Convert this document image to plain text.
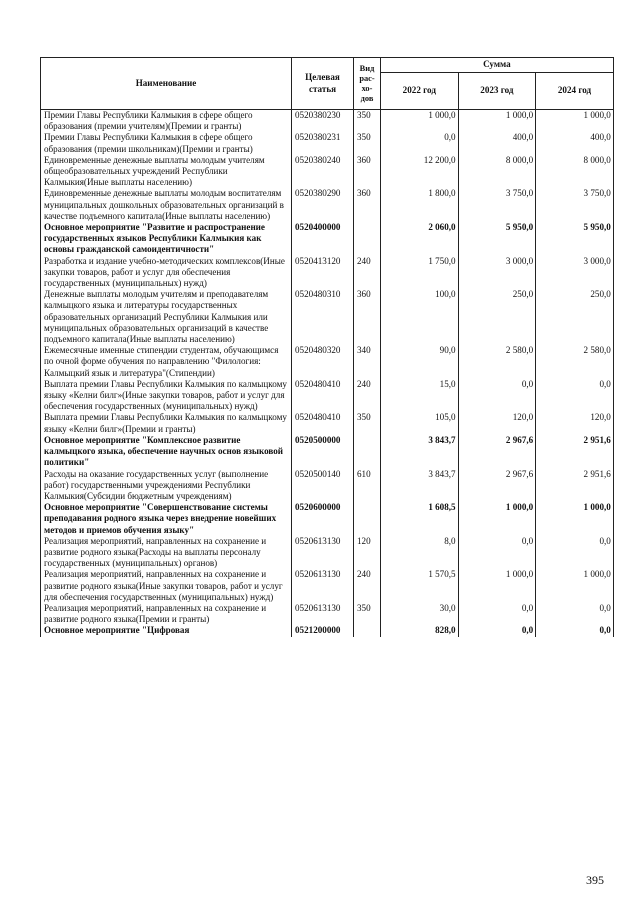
Наименование	Целевая статья	Вид рас-хо-дов	Сумма		
			2022 год	2023 год	2024 год
Премии Главы Республики Калмыкия в сфере общего образования (премии учителям)(Премии и гранты)	0520380230	350	1 000,0	1 000,0	1 000,0
Премии Главы Республики Калмыкия в сфере общего образования (премии школьникам)(Премии и гранты)	0520380231	350	0,0	400,0	400,0
Единовременные денежные выплаты молодым учителям общеобразовательных учреждений Республики Калмыкия(Иные выплаты населению)	0520380240	360	12 200,0	8 000,0	8 000,0
Единовременные денежные выплаты молодым воспитателям муниципальных дошкольных образовательных организаций в качестве подъемного капитала(Иные выплаты населению)	0520380290	360	1 800,0	3 750,0	3 750,0
Основное мероприятие "Развитие и распространение государственных языков Республики Калмыкия как основы гражданской самоидентичности"	0520400000		2 060,0	5 950,0	5 950,0
Разработка и издание учебно-методических комплексов(Иные закупки товаров, работ и услуг для обеспечения государственных (муниципальных) нужд)	0520413120	240	1 750,0	3 000,0	3 000,0
Денежные выплаты молодым учителям и преподавателям калмыцкого языка и литературы государственных образовательных организаций Республики Калмыкия или муниципальных образовательных организаций в качестве подъемного капитала(Иные выплаты населению)	0520480310	360	100,0	250,0	250,0
Ежемесячные именные стипендии студентам, обучающимся по очной форме обучения по направлению "Филология: Калмыцкий язык и литература"(Стипендии)	0520480320	340	90,0	2 580,0	2 580,0
Выплата премии Главы Республики Калмыкия по калмыцкому языку «Келни билг»(Иные закупки товаров, работ и услуг для обеспечения государственных (муниципальных) нужд)	0520480410	240	15,0	0,0	0,0
Выплата премии Главы Республики Калмыкия по калмыцкому языку «Келни билг»(Премии и гранты)	0520480410	350	105,0	120,0	120,0
Основное мероприятие "Комплексное развитие калмыцкого языка, обеспечение научных основ языковой политики"	0520500000		3 843,7	2 967,6	2 951,6
Расходы на оказание государственных услуг (выполнение работ) государственными учреждениями Республики Калмыкия(Субсидии бюджетным учреждениям)	0520500140	610	3 843,7	2 967,6	2 951,6
Основное мероприятие "Совершенствование системы преподавания родного языка через внедрение новейших методов и приемов обучения языку"	0520600000		1 608,5	1 000,0	1 000,0
Реализация мероприятий, направленных на сохранение и развитие родного языка(Расходы на выплаты персоналу государственных (муниципальных) органов)	0520613130	120	8,0	0,0	0,0
Реализация мероприятий, направленных на сохранение и развитие родного языка(Иные закупки товаров, работ и услуг для обеспечения государственных (муниципальных) нужд)	0520613130	240	1 570,5	1 000,0	1 000,0
Реализация мероприятий, направленных на сохранение и развитие родного языка(Премии и гранты)	0520613130	350	30,0	0,0	0,0
Основное мероприятие "Цифровая	0521200000		828,0	0,0	0,0
395
